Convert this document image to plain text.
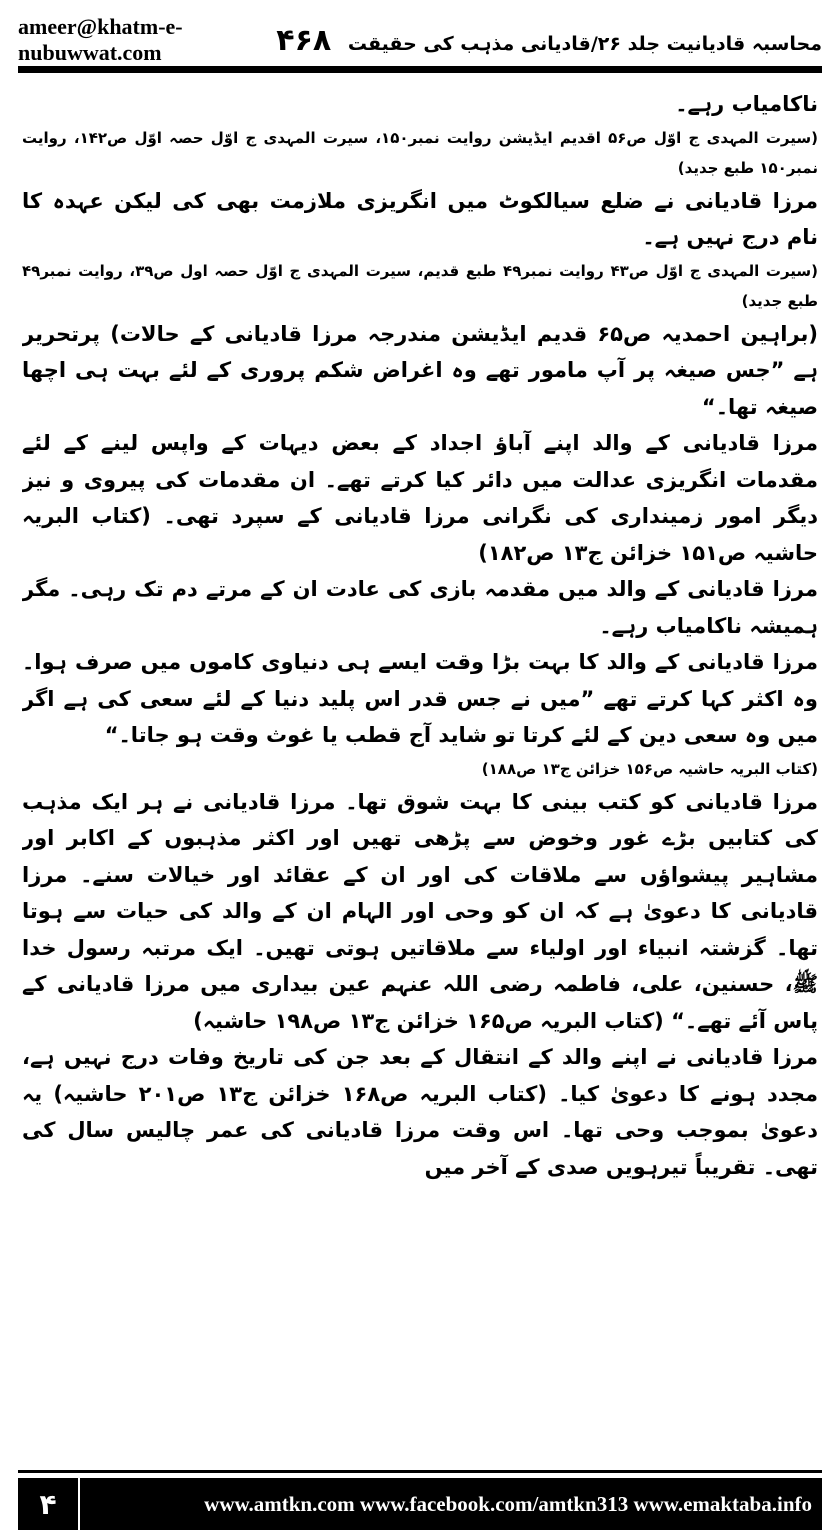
ameer@khatm-e-nubuwwat.com	محاسبہ قادیانیت جلد ۲۶/قادیانی مذہب کی حقیقت ۴۶۸

ناکامیاب رہے۔

(سیرت المہدی ج اوّل ص۵۶ اقدیم ایڈیشن روایت نمبر۱۵۰، سیرت المہدی ج اوّل حصہ اوّل ص۱۴۲، روایت نمبر۱۵۰ طبع جدید)

مرزا قادیانی نے ضلع سیالکوٹ میں انگریزی ملازمت بھی کی لیکن عہدہ کا نام درج نہیں ہے۔

(سیرت المہدی ج اوّل ص۴۳ روایت نمبر۴۹ طبع قدیم، سیرت المہدی ج اوّل حصہ اول ص۳۹، روایت نمبر۴۹ طبع جدید)

(براہین احمدیہ ص۶۵ قدیم ایڈیشن مندرجہ مرزا قادیانی کے حالات) پرتحریر ہے ”جس صیغہ پر آپ مامور تھے وہ اغراض شکم پروری کے لئے بہت ہی اچھا صیغہ تھا۔“

مرزا قادیانی کے والد اپنے آباؤ اجداد کے بعض دیہات کے واپس لینے کے لئے مقدمات انگریزی عدالت میں دائر کیا کرتے تھے۔ ان مقدمات کی پیروی و نیز دیگر امور زمینداری کی نگرانی مرزا قادیانی کے سپرد تھی۔ (کتاب البریہ حاشیہ ص۱۵۱ خزائن ج۱۳ ص۱۸۲)

مرزا قادیانی کے والد میں مقدمہ بازی کی عادت ان کے مرتے دم تک رہی۔ مگر ہمیشہ ناکامیاب رہے۔

مرزا قادیانی کے والد کا بہت بڑا وقت ایسے ہی دنیاوی کاموں میں صرف ہوا۔ وہ اکثر کہا کرتے تھے ”میں نے جس قدر اس پلید دنیا کے لئے سعی کی ہے اگر میں وہ سعی دین کے لئے کرتا تو شاید آج قطب یا غوث وقت ہو جاتا۔“

(کتاب البریہ حاشیہ ص۱۵۶ خزائن ج۱۳ ص۱۸۸)

مرزا قادیانی کو کتب بینی کا بہت شوق تھا۔ مرزا قادیانی نے ہر ایک مذہب کی کتابیں بڑے غور وخوض سے پڑھی تھیں اور اکثر مذہبوں کے اکابر اور مشاہیر پیشواؤں سے ملاقات کی اور ان کے عقائد اور خیالات سنے۔ مرزا قادیانی کا دعویٰ ہے کہ ان کو وحی اور الہام ان کے والد کی حیات سے ہوتا تھا۔ گزشتہ انبیاء اور اولیاء سے ملاقاتیں ہوتی تھیں۔ ایک مرتبہ رسول خدا ﷺ، حسنین، علی، فاطمہ رضی اللہ عنہم عین بیداری میں مرزا قادیانی کے پاس آئے تھے۔“ (کتاب البریہ ص۱۶۵ خزائن ج۱۳ ص۱۹۸ حاشیہ)

مرزا قادیانی نے اپنے والد کے انتقال کے بعد جن کی تاریخ وفات درج نہیں ہے، مجدد ہونے کا دعویٰ کیا۔ (کتاب البریہ ص۱۶۸ خزائن ج۱۳ ص۲۰۱ حاشیہ) یہ دعویٰ بموجب وحی تھا۔ اس وقت مرزا قادیانی کی عمر چالیس سال کی تھی۔ تقریباً تیرہویں صدی کے آخر میں

۴	www.amtkn.com www.facebook.com/amtkn313 www.emaktaba.info
